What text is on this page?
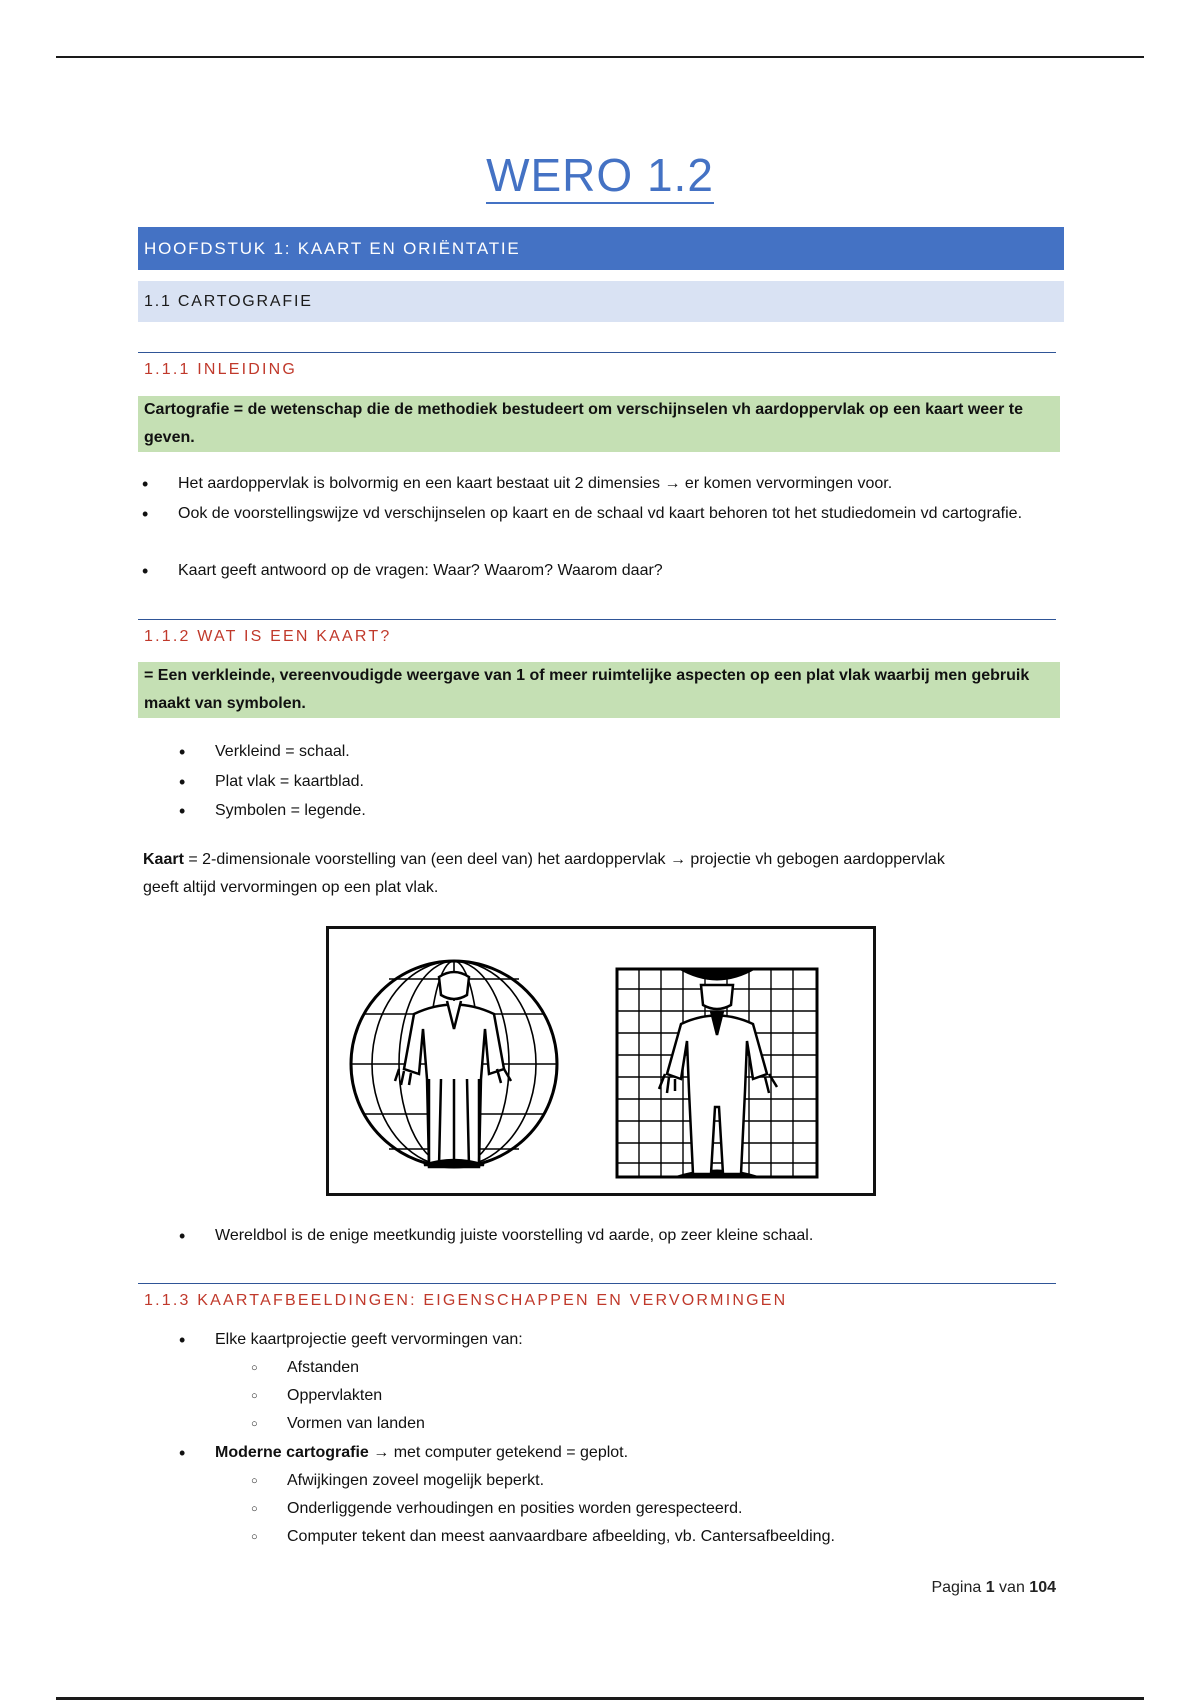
WERO 1.2
HOOFDSTUK 1: KAART EN ORIËNTATIE
1.1 CARTOGRAFIE
1.1.1 INLEIDING
Cartografie = de wetenschap die de methodiek bestudeert om verschijnselen vh aardoppervlak op een kaart weer te geven.
• Het aardoppervlak is bolvormig en een kaart bestaat uit 2 dimensies → er komen vervormingen voor.
• Ook de voorstellingswijze vd verschijnselen op kaart en de schaal vd kaart behoren tot het studiedomein vd cartografie.
• Kaart geeft antwoord op de vragen: Waar? Waarom? Waarom daar?
1.1.2 WAT IS EEN KAART?
= Een verkleinde, vereenvoudigde weergave van 1 of meer ruimtelijke aspecten op een plat vlak waarbij men gebruik maakt van symbolen.
• Verkleind = schaal.
• Plat vlak = kaartblad.
• Symbolen = legende.
Kaart = 2-dimensionale voorstelling van (een deel van) het aardoppervlak → projectie vh gebogen aardoppervlak geeft altijd vervormingen op een plat vlak.
• Wereldbol is de enige meetkundig juiste voorstelling vd aarde, op zeer kleine schaal.
1.1.3 KAARTAFBEELDINGEN: EIGENSCHAPPEN EN VERVORMINGEN
• Elke kaartprojectie geeft vervormingen van:
○ Afstanden
○ Oppervlakten
○ Vormen van landen
• Moderne cartografie → met computer getekend = geplot.
○ Afwijkingen zoveel mogelijk beperkt.
○ Onderliggende verhoudingen en posities worden gerespecteerd.
○ Computer tekent dan meest aanvaardbare afbeelding, vb. Cantersafbeelding.
Pagina 1 van 104
